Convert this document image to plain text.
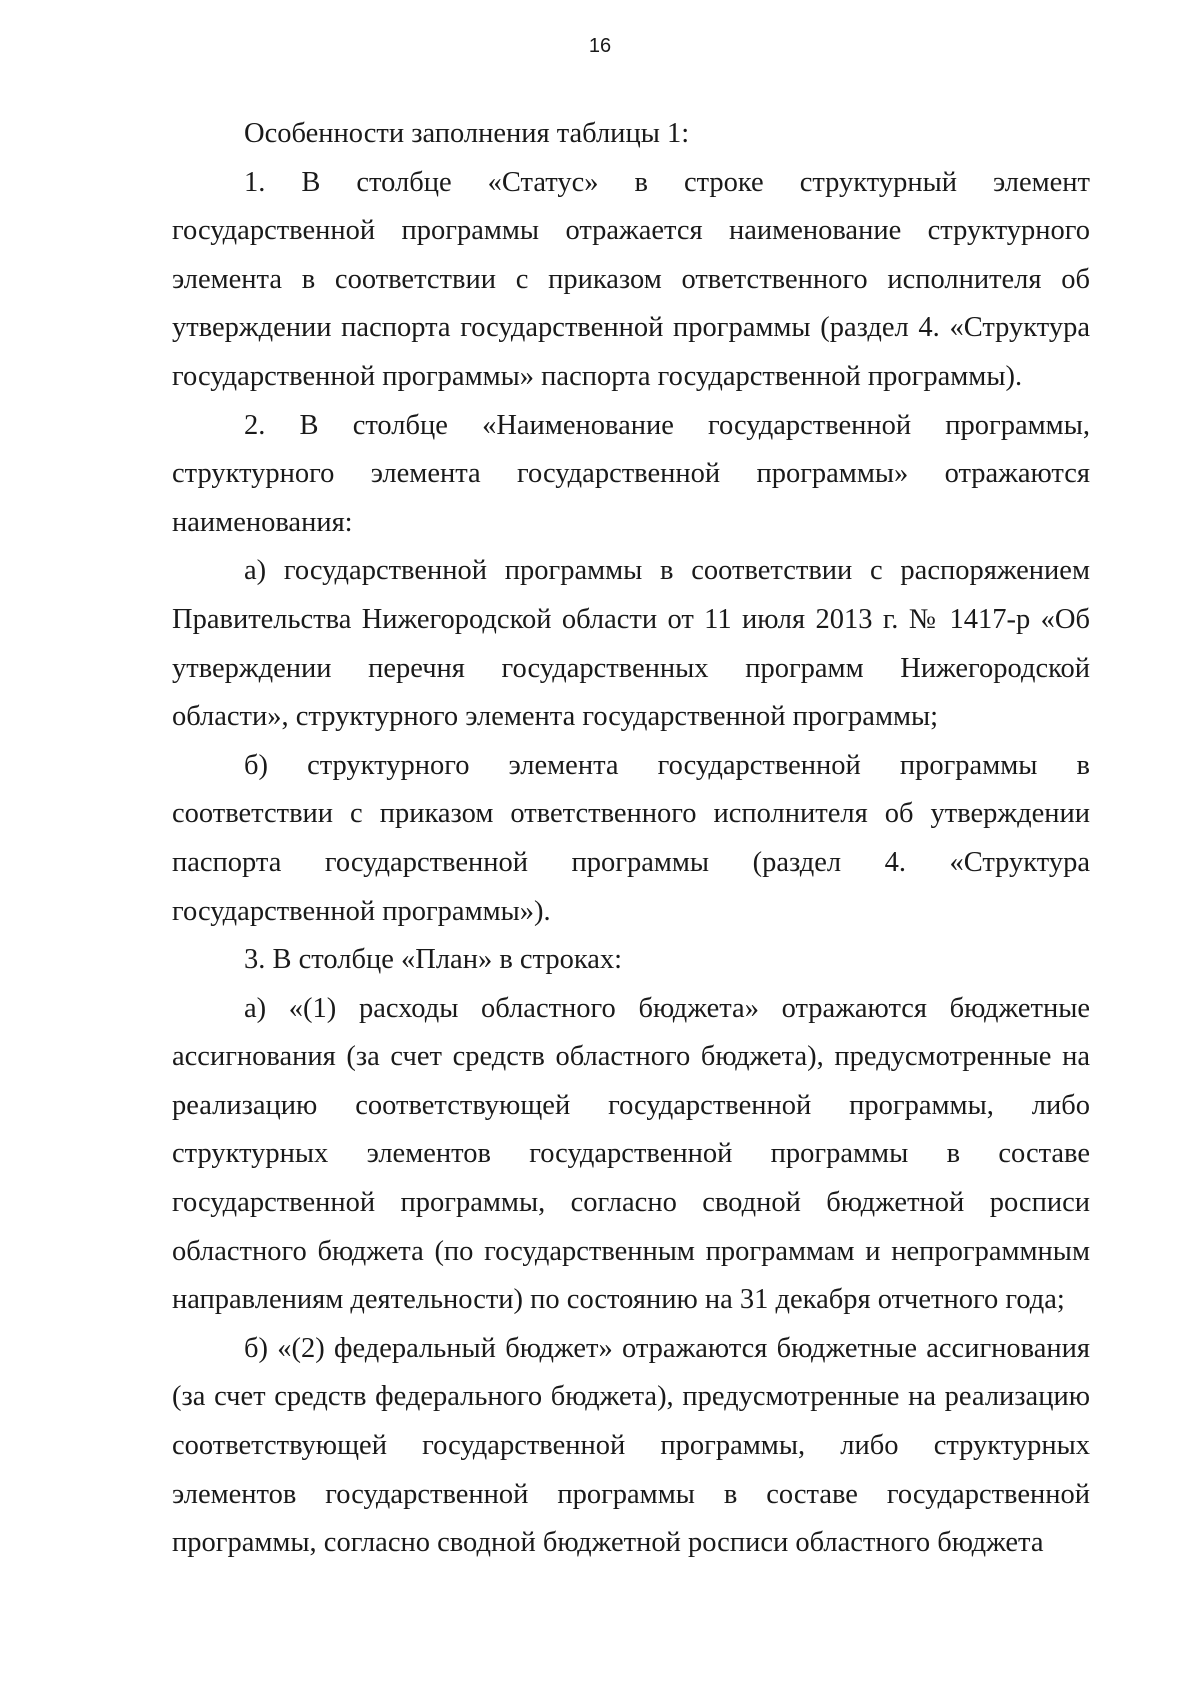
16

Особенности заполнения таблицы 1:

1. В столбце «Статус» в строке структурный элемент государственной программы отражается наименование структурного элемента в соответствии с приказом ответственного исполнителя об утверждении паспорта государственной программы (раздел 4. «Структура государственной программы» паспорта государственной программы).

2. В столбце «Наименование государственной программы, структурного элемента государственной программы» отражаются наименования:

а) государственной программы в соответствии с распоряжением Правительства Нижегородской области от 11 июля 2013 г. № 1417-р «Об утверждении перечня государственных программ Нижегородской области», структурного элемента государственной программы;

б) структурного элемента государственной программы в соответствии с приказом ответственного исполнителя об утверждении паспорта государственной программы (раздел 4. «Структура государственной программы»).

3. В столбце «План» в строках:

а) «(1) расходы областного бюджета» отражаются бюджетные ассигнования (за счет средств областного бюджета), предусмотренные на реализацию соответствующей государственной программы, либо структурных элементов государственной программы в составе государственной программы, согласно сводной бюджетной росписи областного бюджета (по государственным программам и непрограммным направлениям деятельности) по состоянию на 31 декабря отчетного года;

б) «(2) федеральный бюджет» отражаются бюджетные ассигнования (за счет средств федерального бюджета), предусмотренные на реализацию соответствующей государственной программы, либо структурных элементов государственной программы в составе государственной программы, согласно сводной бюджетной росписи областного бюджета
